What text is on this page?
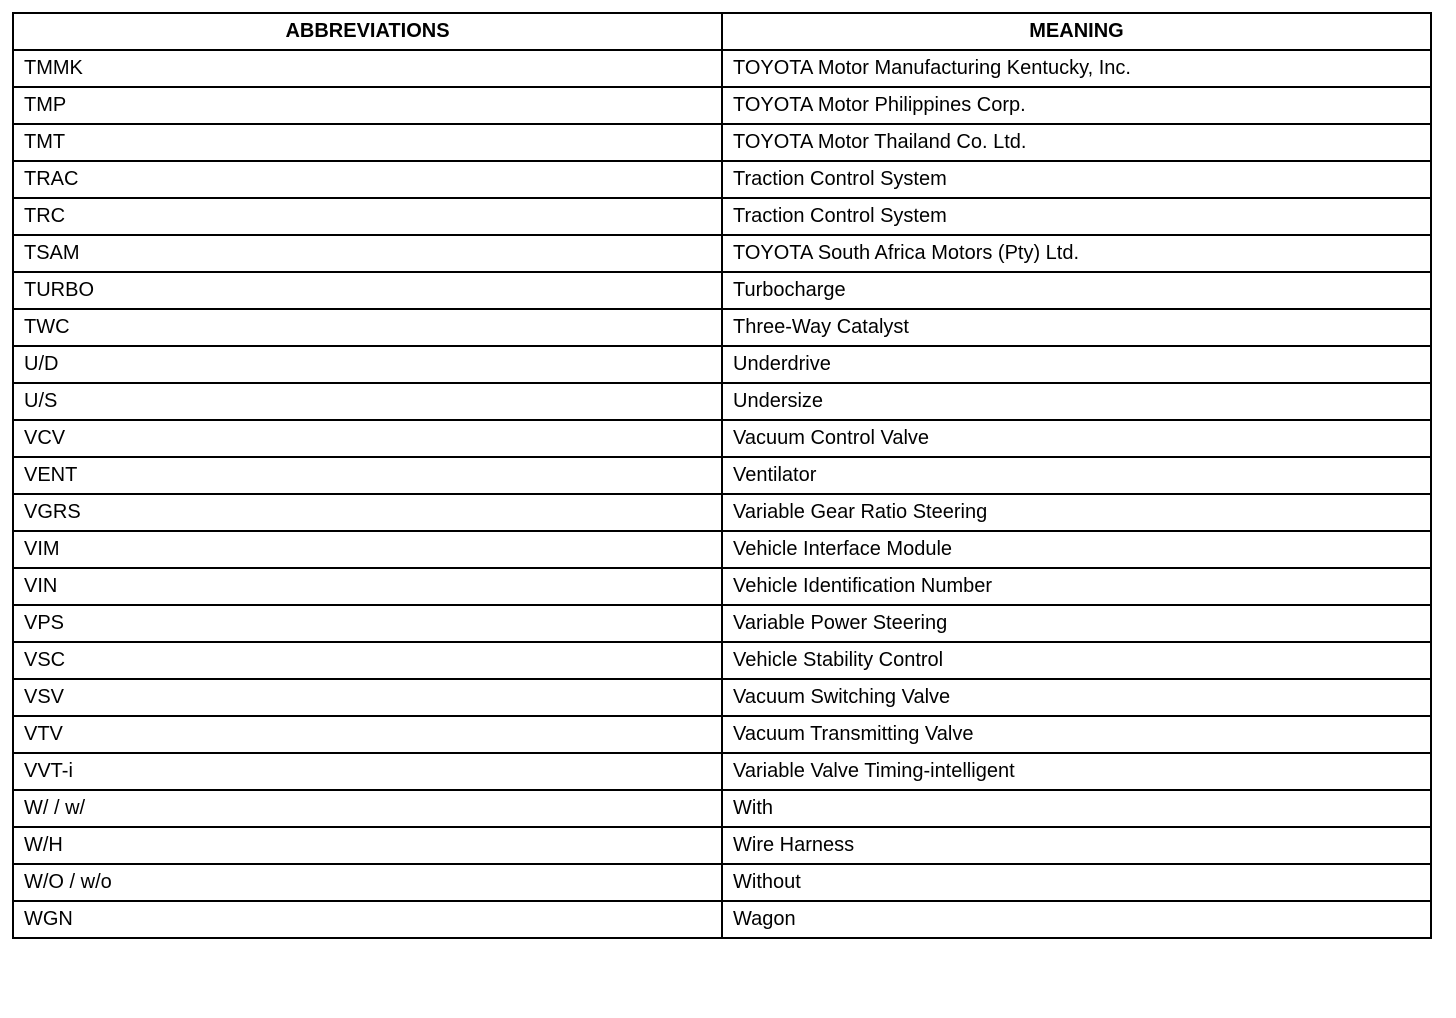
ABBREVIATIONS	MEANING
TMMK	TOYOTA Motor Manufacturing Kentucky, Inc.
TMP	TOYOTA Motor Philippines Corp.
TMT	TOYOTA Motor Thailand Co. Ltd.
TRAC	Traction Control System
TRC	Traction Control System
TSAM	TOYOTA South Africa Motors (Pty) Ltd.
TURBO	Turbocharge
TWC	Three-Way Catalyst
U/D	Underdrive
U/S	Undersize
VCV	Vacuum Control Valve
VENT	Ventilator
VGRS	Variable Gear Ratio Steering
VIM	Vehicle Interface Module
VIN	Vehicle Identification Number
VPS	Variable Power Steering
VSC	Vehicle Stability Control
VSV	Vacuum Switching Valve
VTV	Vacuum Transmitting Valve
VVT-i	Variable Valve Timing-intelligent
W/ / w/	With
W/H	Wire Harness
W/O / w/o	Without
WGN	Wagon
